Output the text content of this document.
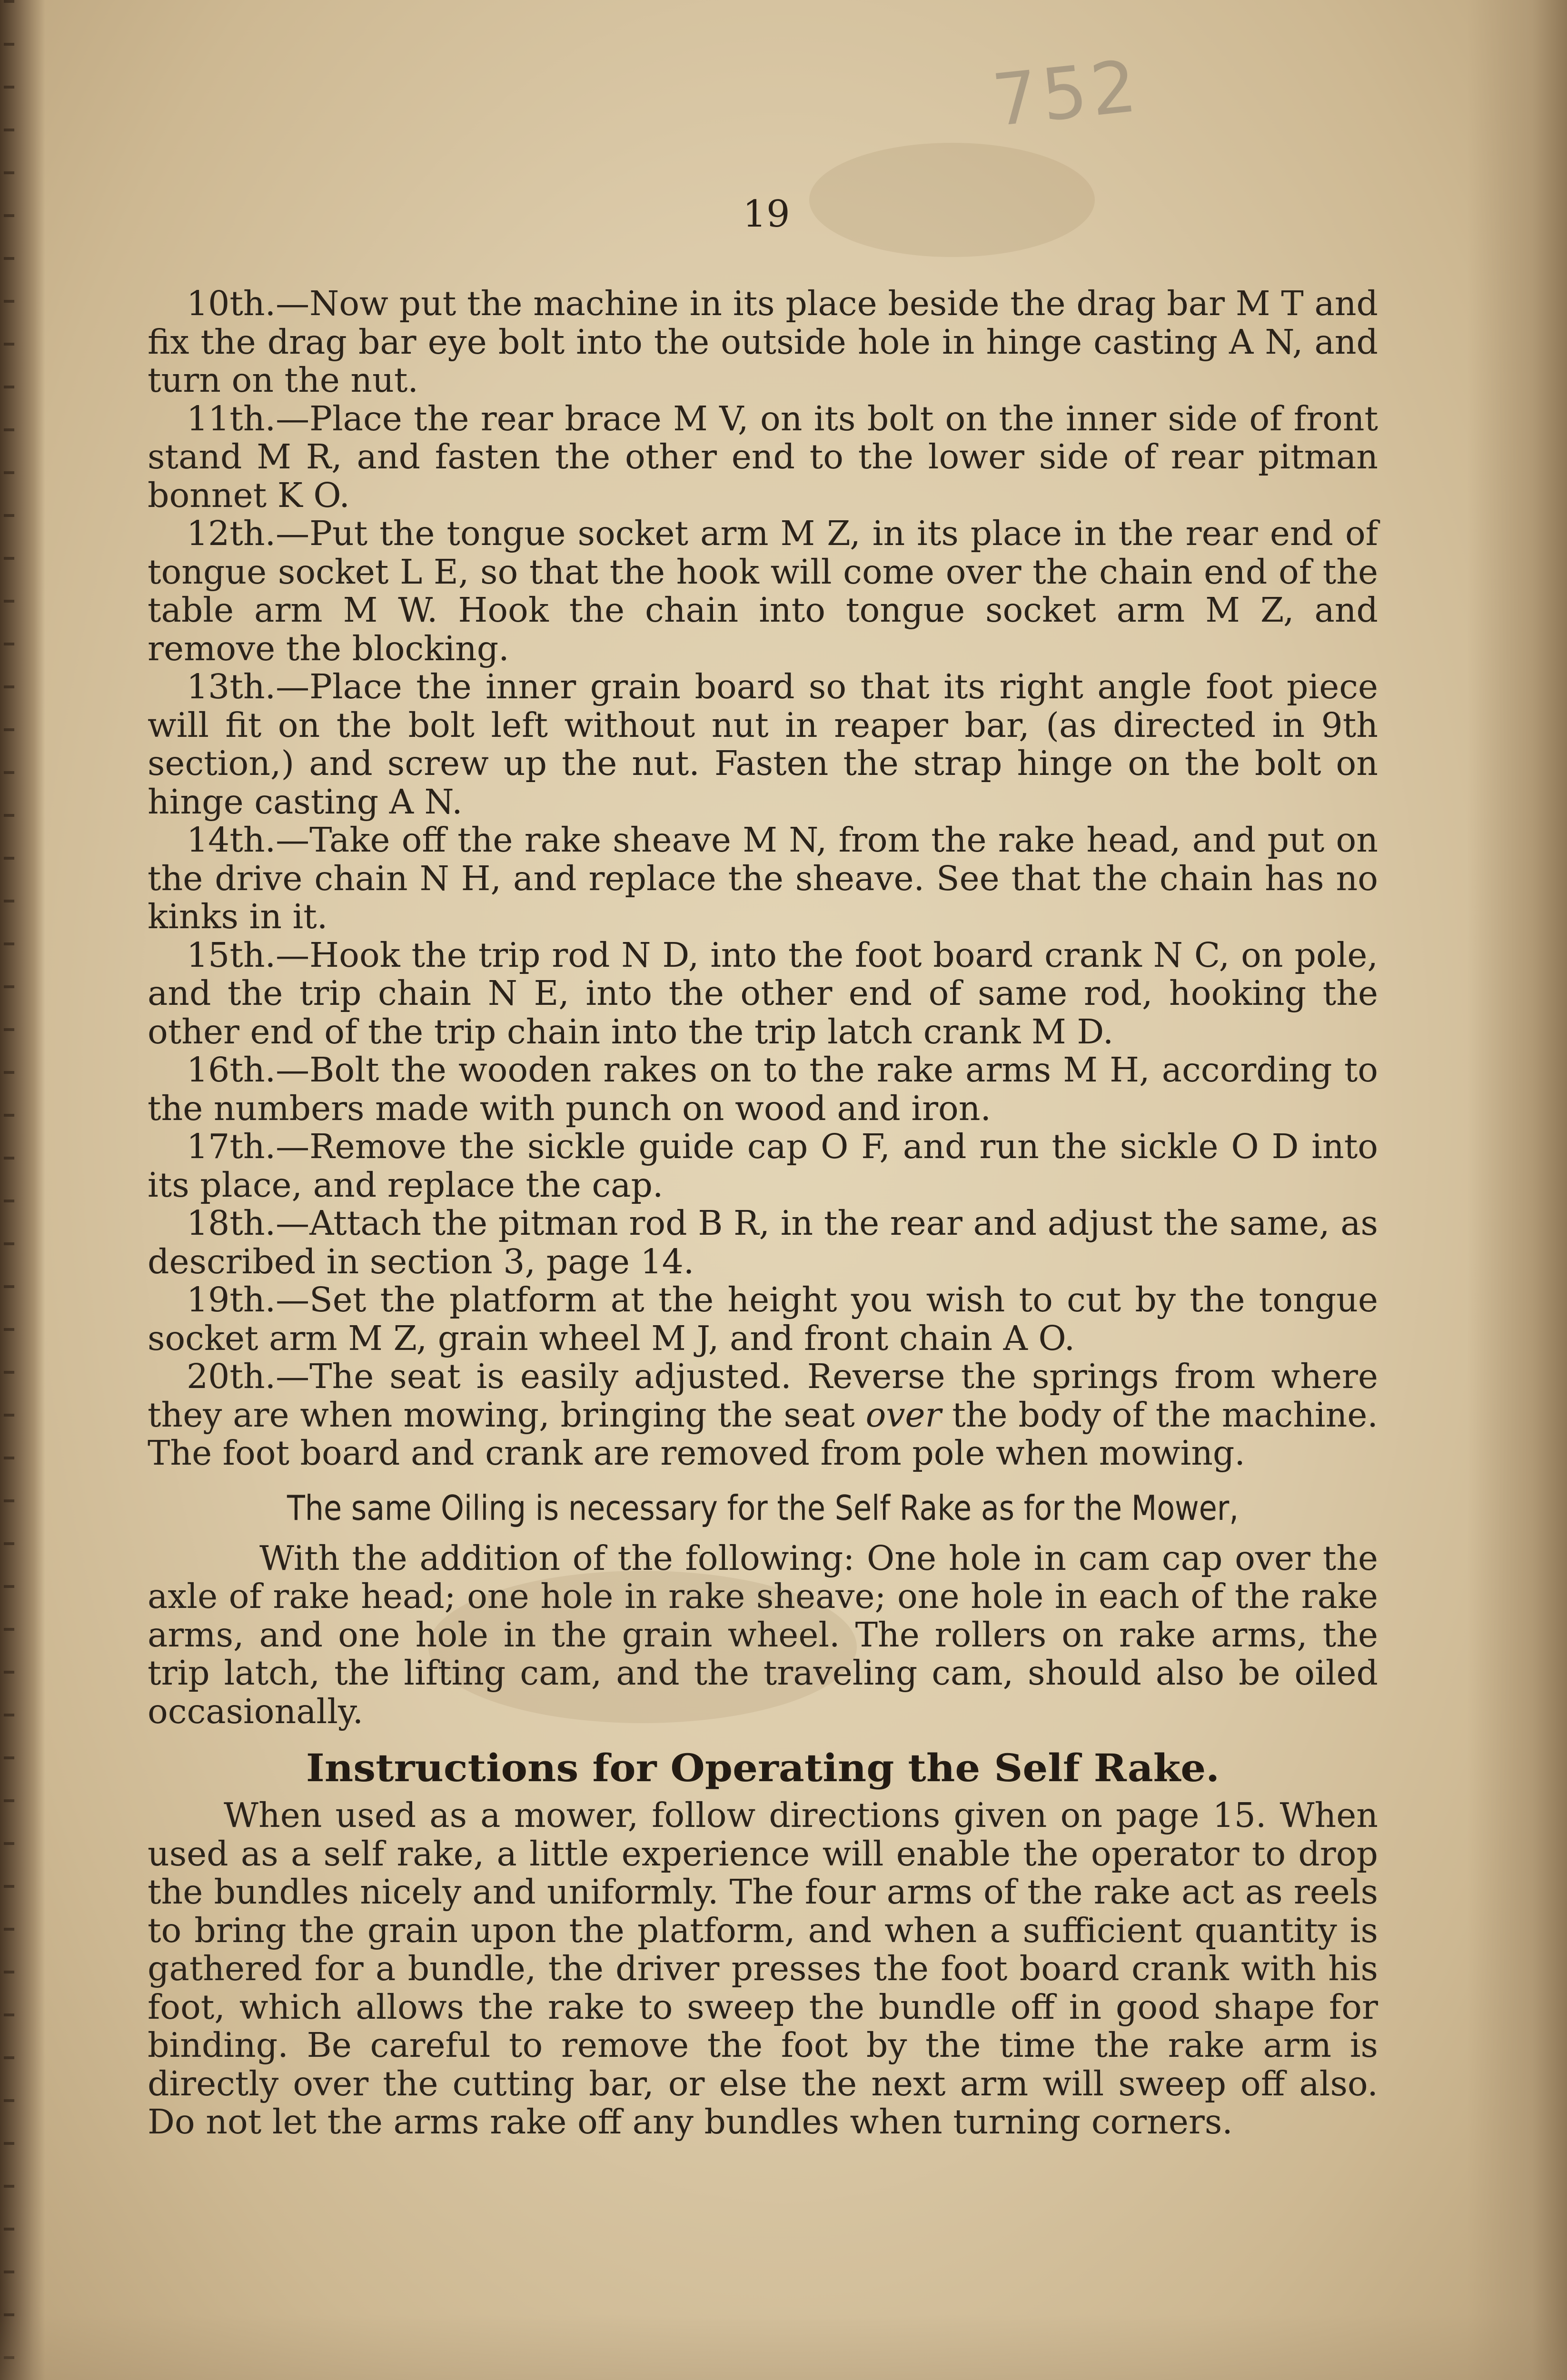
752
19

10th.—Now put the machine in its place beside the drag bar M T and fix the drag bar eye bolt into the outside hole in hinge casting A N, and turn on the nut.

11th.—Place the rear brace M V, on its bolt on the inner side of front stand M R, and fasten the other end to the lower side of rear pitman bonnet K O.

12th.—Put the tongue socket arm M Z, in its place in the rear end of tongue socket L E, so that the hook will come over the chain end of the table arm M W. Hook the chain into tongue socket arm M Z, and remove the blocking.

13th.—Place the inner grain board so that its right angle foot piece will fit on the bolt left without nut in reaper bar, (as directed in 9th section,) and screw up the nut. Fasten the strap hinge on the bolt on hinge casting A N.

14th.—Take off the rake sheave M N, from the rake head, and put on the drive chain N H, and replace the sheave. See that the chain has no kinks in it.

15th.—Hook the trip rod N D, into the foot board crank N C, on pole, and the trip chain N E, into the other end of same rod, hooking the other end of the trip chain into the trip latch crank M D.

16th.—Bolt the wooden rakes on to the rake arms M H, according to the numbers made with punch on wood and iron.

17th.—Remove the sickle guide cap O F, and run the sickle O D into its place, and replace the cap.

18th.—Attach the pitman rod B R, in the rear and adjust the same, as described in section 3, page 14.

19th.—Set the platform at the height you wish to cut by the tongue socket arm M Z, grain wheel M J, and front chain A O.

20th.—The seat is easily adjusted. Reverse the springs from where they are when mowing, bringing the seat over the body of the machine. The foot board and crank are removed from pole when mowing.

The same Oiling is necessary for the Self Rake as for the Mower,

With the addition of the following: One hole in cam cap over the axle of rake head; one hole in rake sheave; one hole in each of the rake arms, and one hole in the grain wheel. The rollers on rake arms, the trip latch, the lifting cam, and the traveling cam, should also be oiled occasionally.

Instructions for Operating the Self Rake.

When used as a mower, follow directions given on page 15. When used as a self rake, a little experience will enable the operator to drop the bundles nicely and uniformly. The four arms of the rake act as reels to bring the grain upon the platform, and when a sufficient quantity is gathered for a bundle, the driver presses the foot board crank with his foot, which allows the rake to sweep the bundle off in good shape for binding. Be careful to remove the foot by the time the rake arm is directly over the cutting bar, or else the next arm will sweep off also. Do not let the arms rake off any bundles when turning corners.
